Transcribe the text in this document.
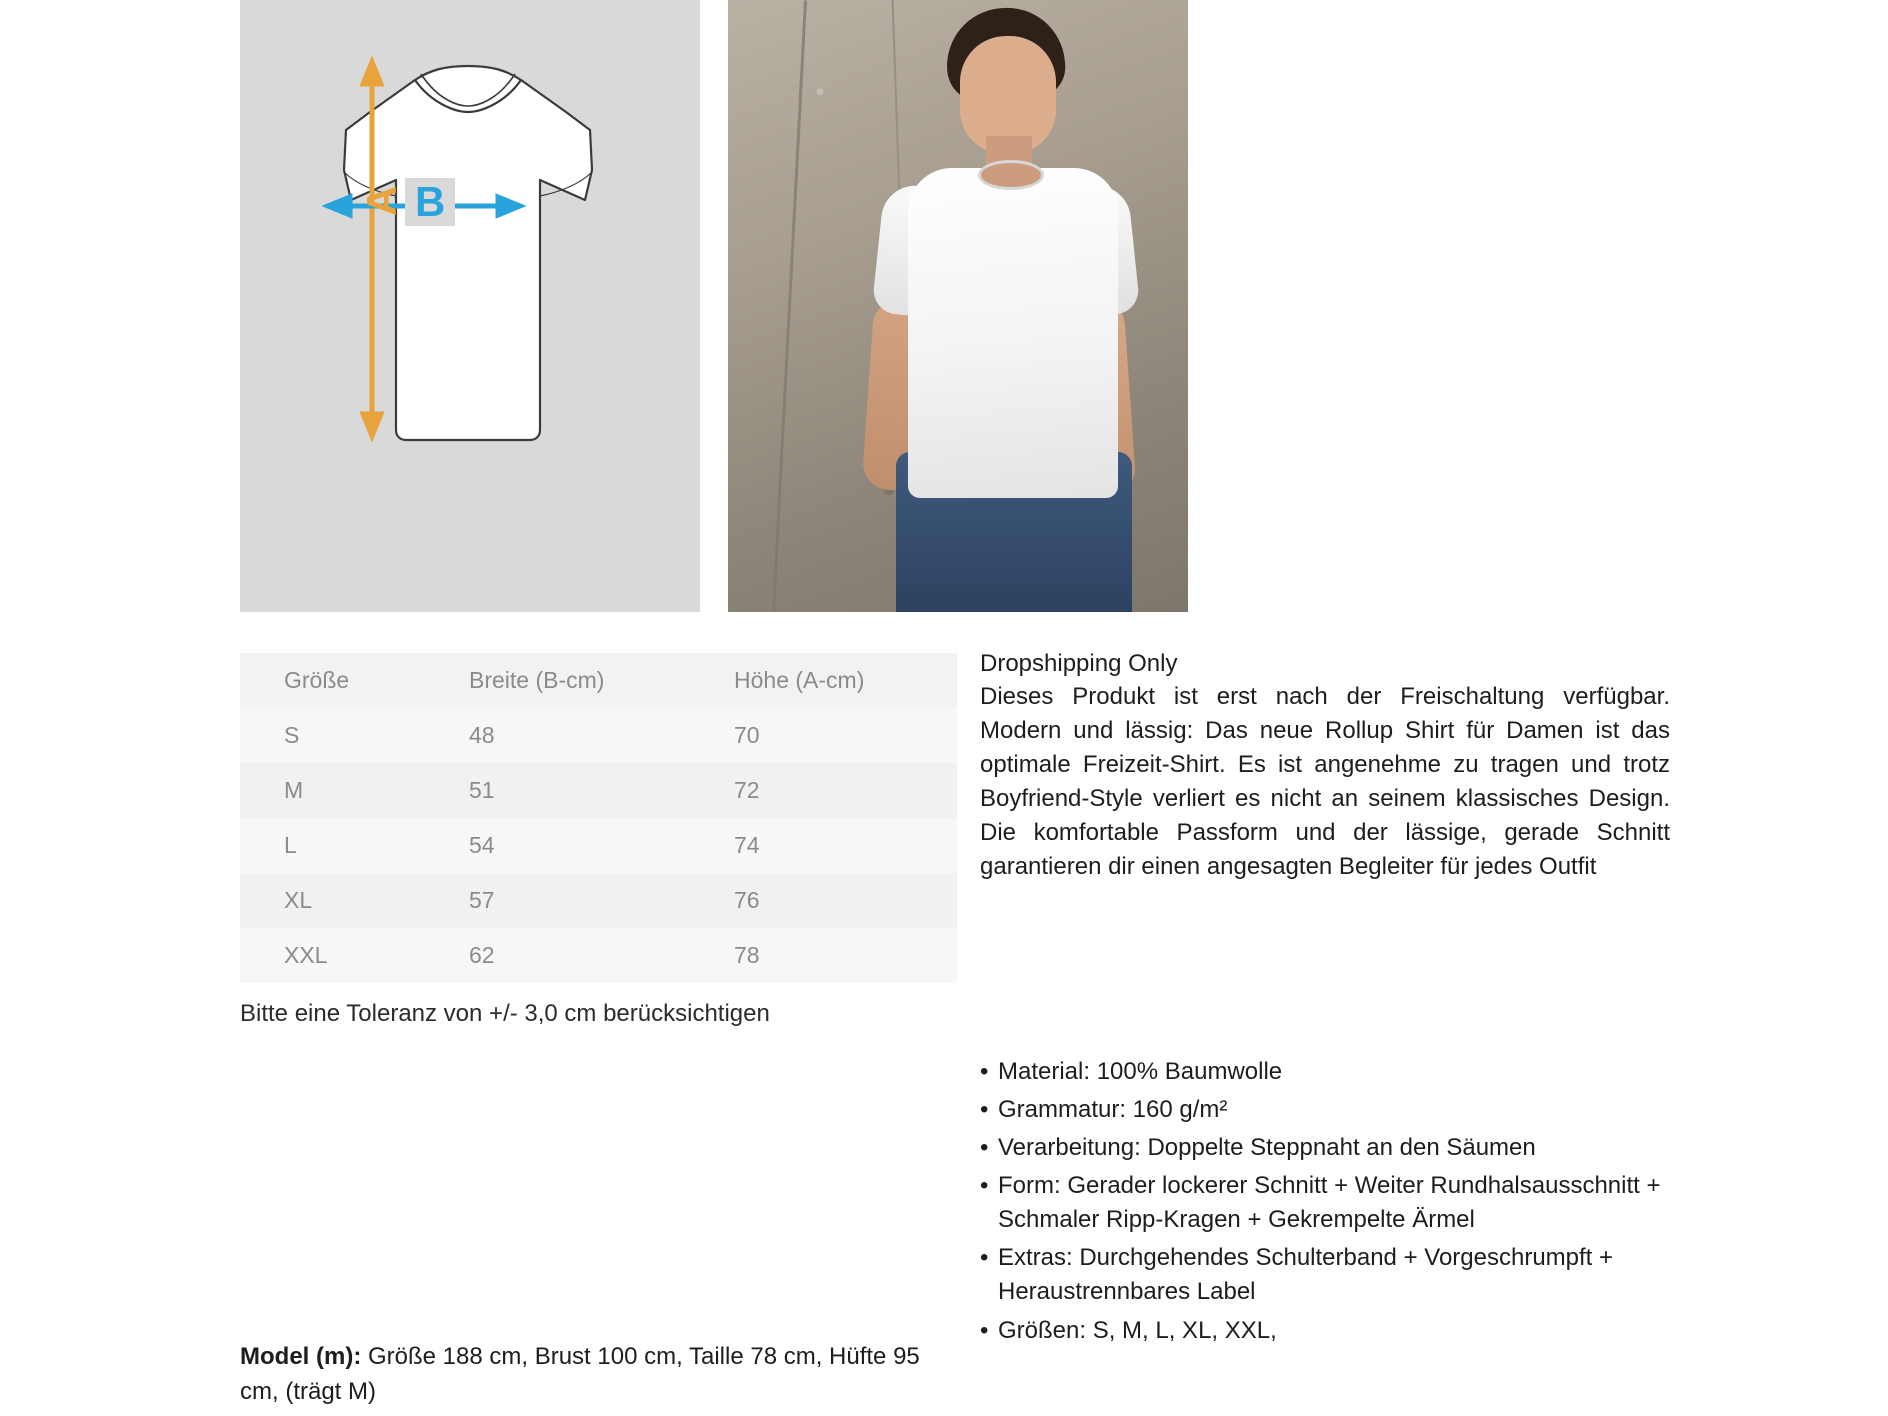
A B
Größe	Breite (B-cm)	Höhe (A-cm)
S	48	70
M	51	72
L	54	74
XL	57	76
XXL	62	78
Bitte eine Toleranz von +/- 3,0 cm berücksichtigen
Model (m): Größe 188 cm, Brust 100 cm, Taille 78 cm, Hüfte 95 cm, (trägt M)
Dropshipping Only

Dieses Produkt ist erst nach der Freischaltung verfügbar. Modern und lässig: Das neue Rollup Shirt für Damen ist das optimale Freizeit-Shirt. Es ist angenehme zu tragen und trotz Boyfriend-Style verliert es nicht an seinem klassisches Design. Die komfortable Passform und der lässige, gerade Schnitt garantieren dir einen angesagten Begleiter für jedes Outfit

• Material: 100% Baumwolle
• Grammatur: 160 g/m²
• Verarbeitung: Doppelte Steppnaht an den Säumen
• Form: Gerader lockerer Schnitt + Weiter Rundhalsausschnitt + Schmaler Ripp-Kragen + Gekrempelte Ärmel
• Extras: Durchgehendes Schulterband + Vorgeschrumpft + Heraustrennbares Label
• Größen: S, M, L, XL, XXL,
